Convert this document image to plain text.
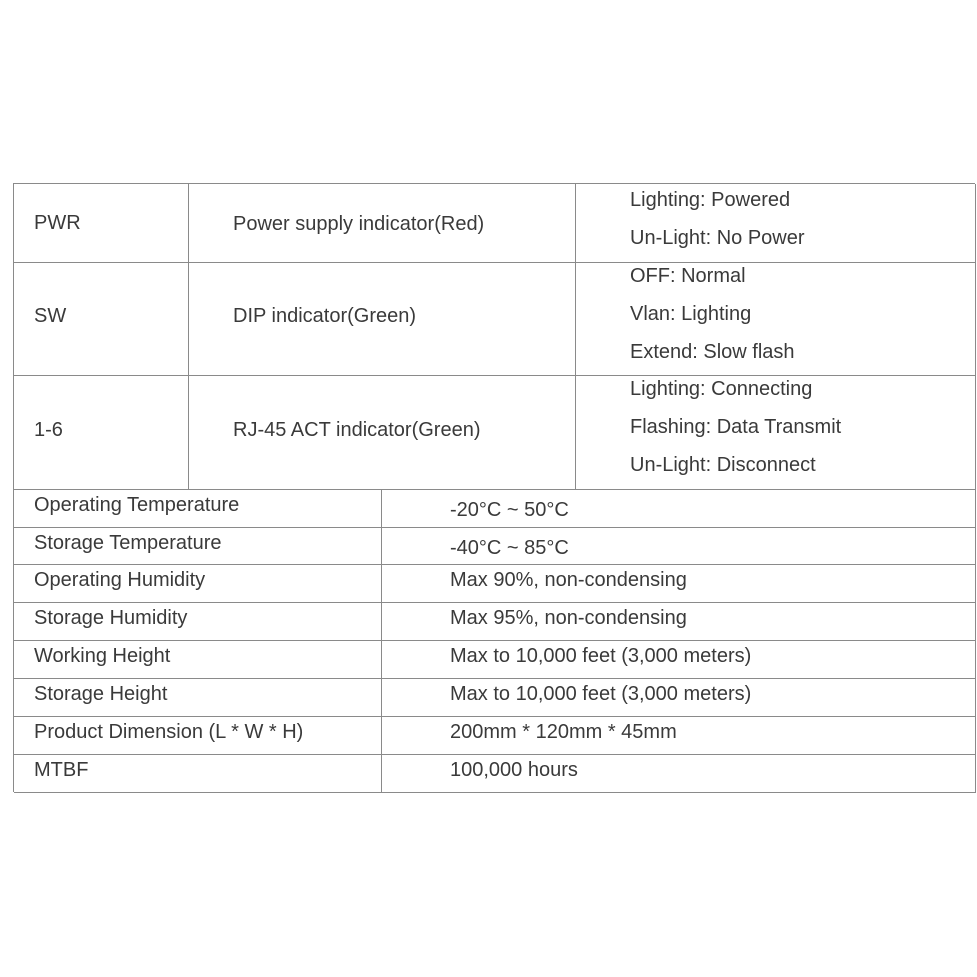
PWR	Power supply indicator(Red)
Lighting: Powered
Un-Light: No Power
SW	DIP indicator(Green)
OFF: Normal
Vlan: Lighting
Extend: Slow flash
1-6	RJ-45 ACT indicator(Green)
Lighting: Connecting
Flashing: Data Transmit
Un-Light: Disconnect
Operating Temperature	-20°C ~ 50°C
Storage Temperature	-40°C ~ 85°C
Operating Humidity	Max 90%, non-condensing
Storage Humidity	Max 95%, non-condensing
Working Height	Max to 10,000 feet (3,000 meters)
Storage Height	Max to 10,000 feet (3,000 meters)
Product Dimension (L * W * H)	200mm * 120mm * 45mm
MTBF	100,000 hours
